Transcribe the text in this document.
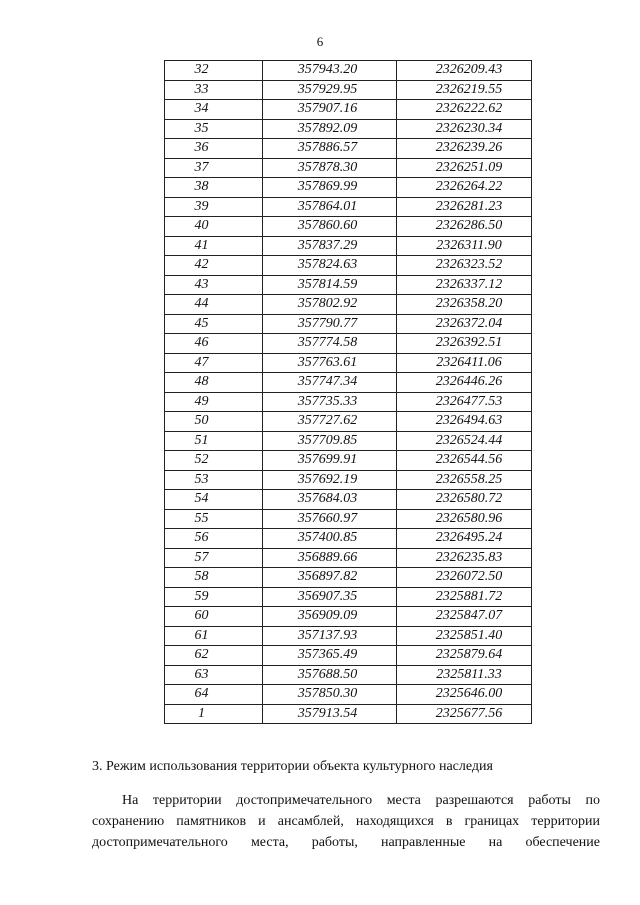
6
32	357943.20	2326209.43
33	357929.95	2326219.55
34	357907.16	2326222.62
35	357892.09	2326230.34
36	357886.57	2326239.26
37	357878.30	2326251.09
38	357869.99	2326264.22
39	357864.01	2326281.23
40	357860.60	2326286.50
41	357837.29	2326311.90
42	357824.63	2326323.52
43	357814.59	2326337.12
44	357802.92	2326358.20
45	357790.77	2326372.04
46	357774.58	2326392.51
47	357763.61	2326411.06
48	357747.34	2326446.26
49	357735.33	2326477.53
50	357727.62	2326494.63
51	357709.85	2326524.44
52	357699.91	2326544.56
53	357692.19	2326558.25
54	357684.03	2326580.72
55	357660.97	2326580.96
56	357400.85	2326495.24
57	356889.66	2326235.83
58	356897.82	2326072.50
59	356907.35	2325881.72
60	356909.09	2325847.07
61	357137.93	2325851.40
62	357365.49	2325879.64
63	357688.50	2325811.33
64	357850.30	2325646.00
1	357913.54	2325677.56
3. Режим использования территории объекта культурного наследия
На территории достопримечательного места разрешаются работы по
сохранению памятников и ансамблей, находящихся в границах территории
достопримечательного места, работы, направленные на обеспечение
